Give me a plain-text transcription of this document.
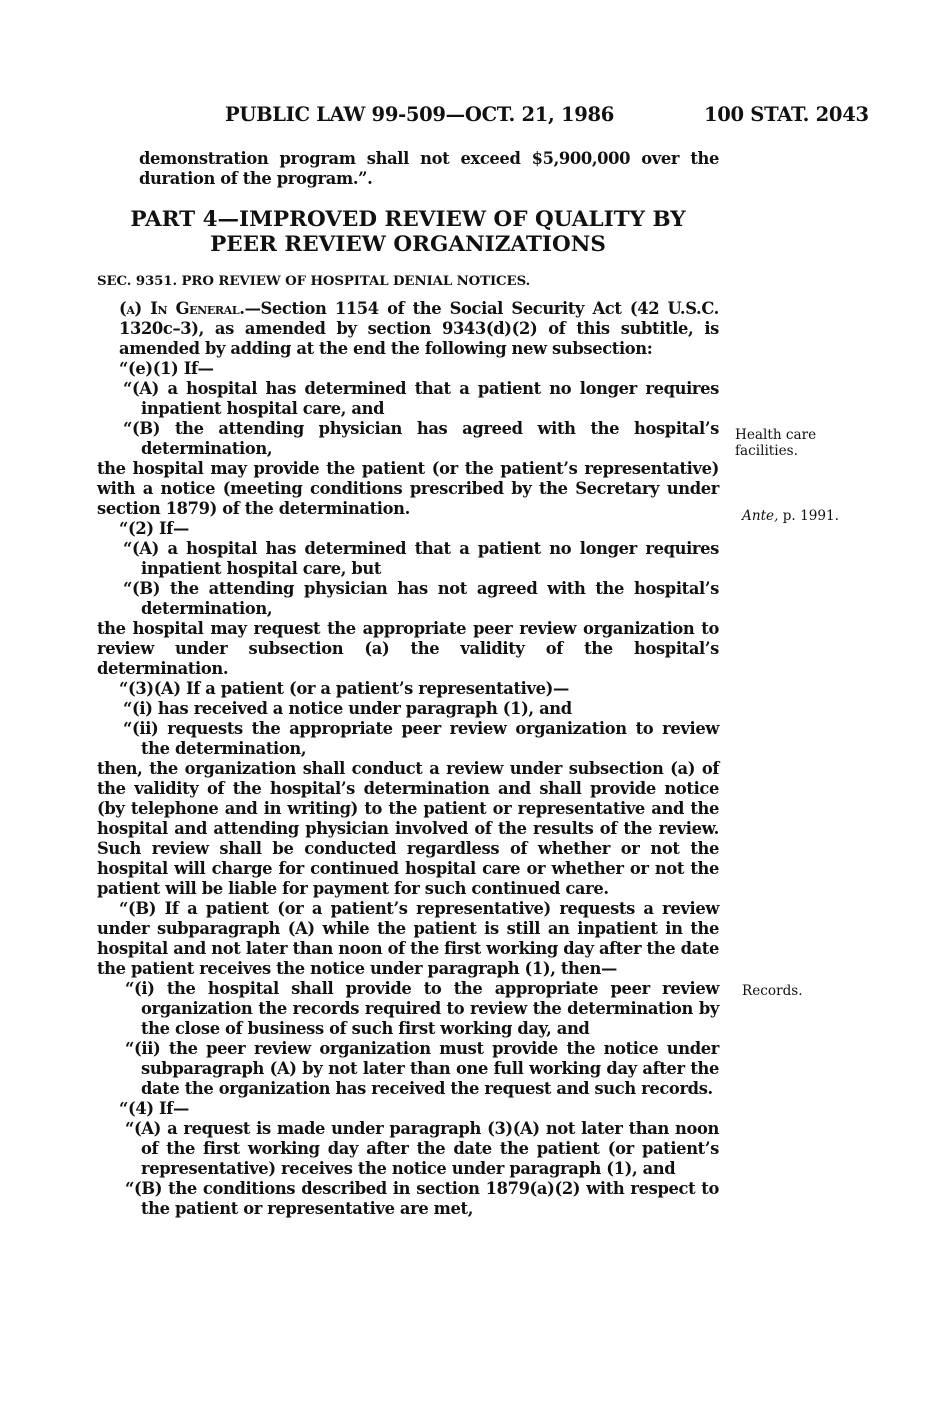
PUBLIC LAW 99-509—OCT. 21, 1986	100 STAT. 2043

demonstration program shall not exceed $5,900,000 over the duration of the program.”.

PART 4—IMPROVED REVIEW OF QUALITY BY
PEER REVIEW ORGANIZATIONS

SEC. 9351. PRO REVIEW OF HOSPITAL DENIAL NOTICES.

(a) In General.—Section 1154 of the Social Security Act (42 U.S.C. 1320c–3), as amended by section 9343(d)(2) of this subtitle, is amended by adding at the end the following new subsection:

“(e)(1) If—

“(A) a hospital has determined that a patient no longer requires inpatient hospital care, and

“(B) the attending physician has agreed with the hospital’s determination,

the hospital may provide the patient (or the patient’s representative) with a notice (meeting conditions prescribed by the Secretary under section 1879) of the determination.

“(2) If—

“(A) a hospital has determined that a patient no longer requires inpatient hospital care, but

“(B) the attending physician has not agreed with the hospital’s determination,

the hospital may request the appropriate peer review organization to review under subsection (a) the validity of the hospital’s determination.

“(3)(A) If a patient (or a patient’s representative)—

“(i) has received a notice under paragraph (1), and

“(ii) requests the appropriate peer review organization to review the determination,

then, the organization shall conduct a review under subsection (a) of the validity of the hospital’s determination and shall provide notice (by telephone and in writing) to the patient or representative and the hospital and attending physician involved of the results of the review. Such review shall be conducted regardless of whether or not the hospital will charge for continued hospital care or whether or not the patient will be liable for payment for such continued care.

“(B) If a patient (or a patient’s representative) requests a review under subparagraph (A) while the patient is still an inpatient in the hospital and not later than noon of the first working day after the date the patient receives the notice under paragraph (1), then—

“(i) the hospital shall provide to the appropriate peer review organization the records required to review the determination by the close of business of such first working day, and

“(ii) the peer review organization must provide the notice under subparagraph (A) by not later than one full working day after the date the organization has received the request and such records.

“(4) If—

“(A) a request is made under paragraph (3)(A) not later than noon of the first working day after the date the patient (or patient’s representative) receives the notice under paragraph (1), and

“(B) the conditions described in section 1879(a)(2) with respect to the patient or representative are met,

Health care
facilities.
Ante, p. 1991.
Records.
